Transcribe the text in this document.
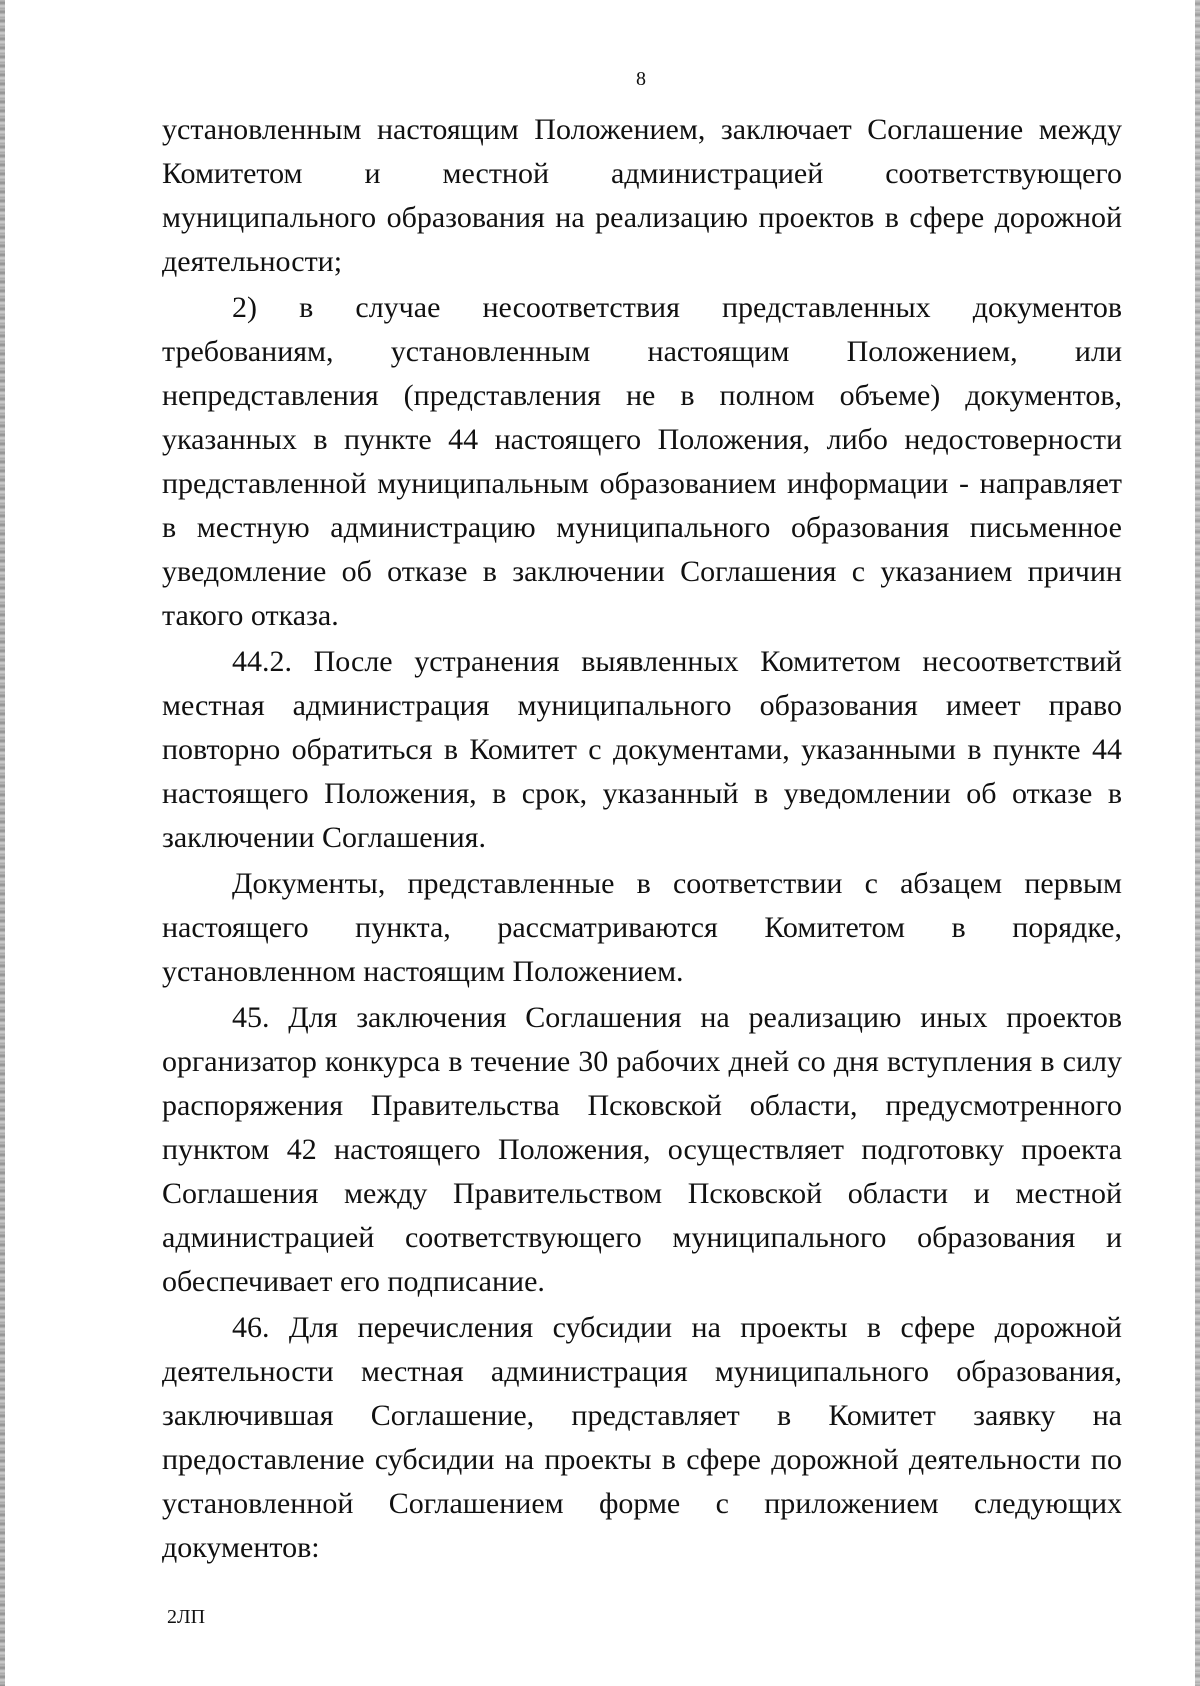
8

установленным настоящим Положением, заключает Соглашение между Комитетом и местной администрацией соответствующего муниципального образования на реализацию проектов в сфере дорожной деятельности;

2) в случае несоответствия представленных документов требованиям, установленным настоящим Положением, или непредставления (представления не в полном объеме) документов, указанных в пункте 44 настоящего Положения, либо недостоверности представленной муниципальным образованием информации - направляет в местную администрацию муниципального образования письменное уведомление об отказе в заключении Соглашения с указанием причин такого отказа.

44.2. После устранения выявленных Комитетом несоответствий местная администрация муниципального образования имеет право повторно обратиться в Комитет с документами, указанными в пункте 44 настоящего Положения, в срок, указанный в уведомлении об отказе в заключении Соглашения.

Документы, представленные в соответствии с абзацем первым настоящего пункта, рассматриваются Комитетом в порядке, установленном настоящим Положением.

45. Для заключения Соглашения на реализацию иных проектов организатор конкурса в течение 30 рабочих дней со дня вступления в силу распоряжения Правительства Псковской области, предусмотренного пунктом 42 настоящего Положения, осуществляет подготовку проекта Соглашения между Правительством Псковской области и местной администрацией соответствующего муниципального образования и обеспечивает его подписание.

46. Для перечисления субсидии на проекты в сфере дорожной деятельности местная администрация муниципального образования, заключившая Соглашение, представляет в Комитет заявку на предоставление субсидии на проекты в сфере дорожной деятельности по установленной Соглашением форме с приложением следующих документов:

2ЛП
